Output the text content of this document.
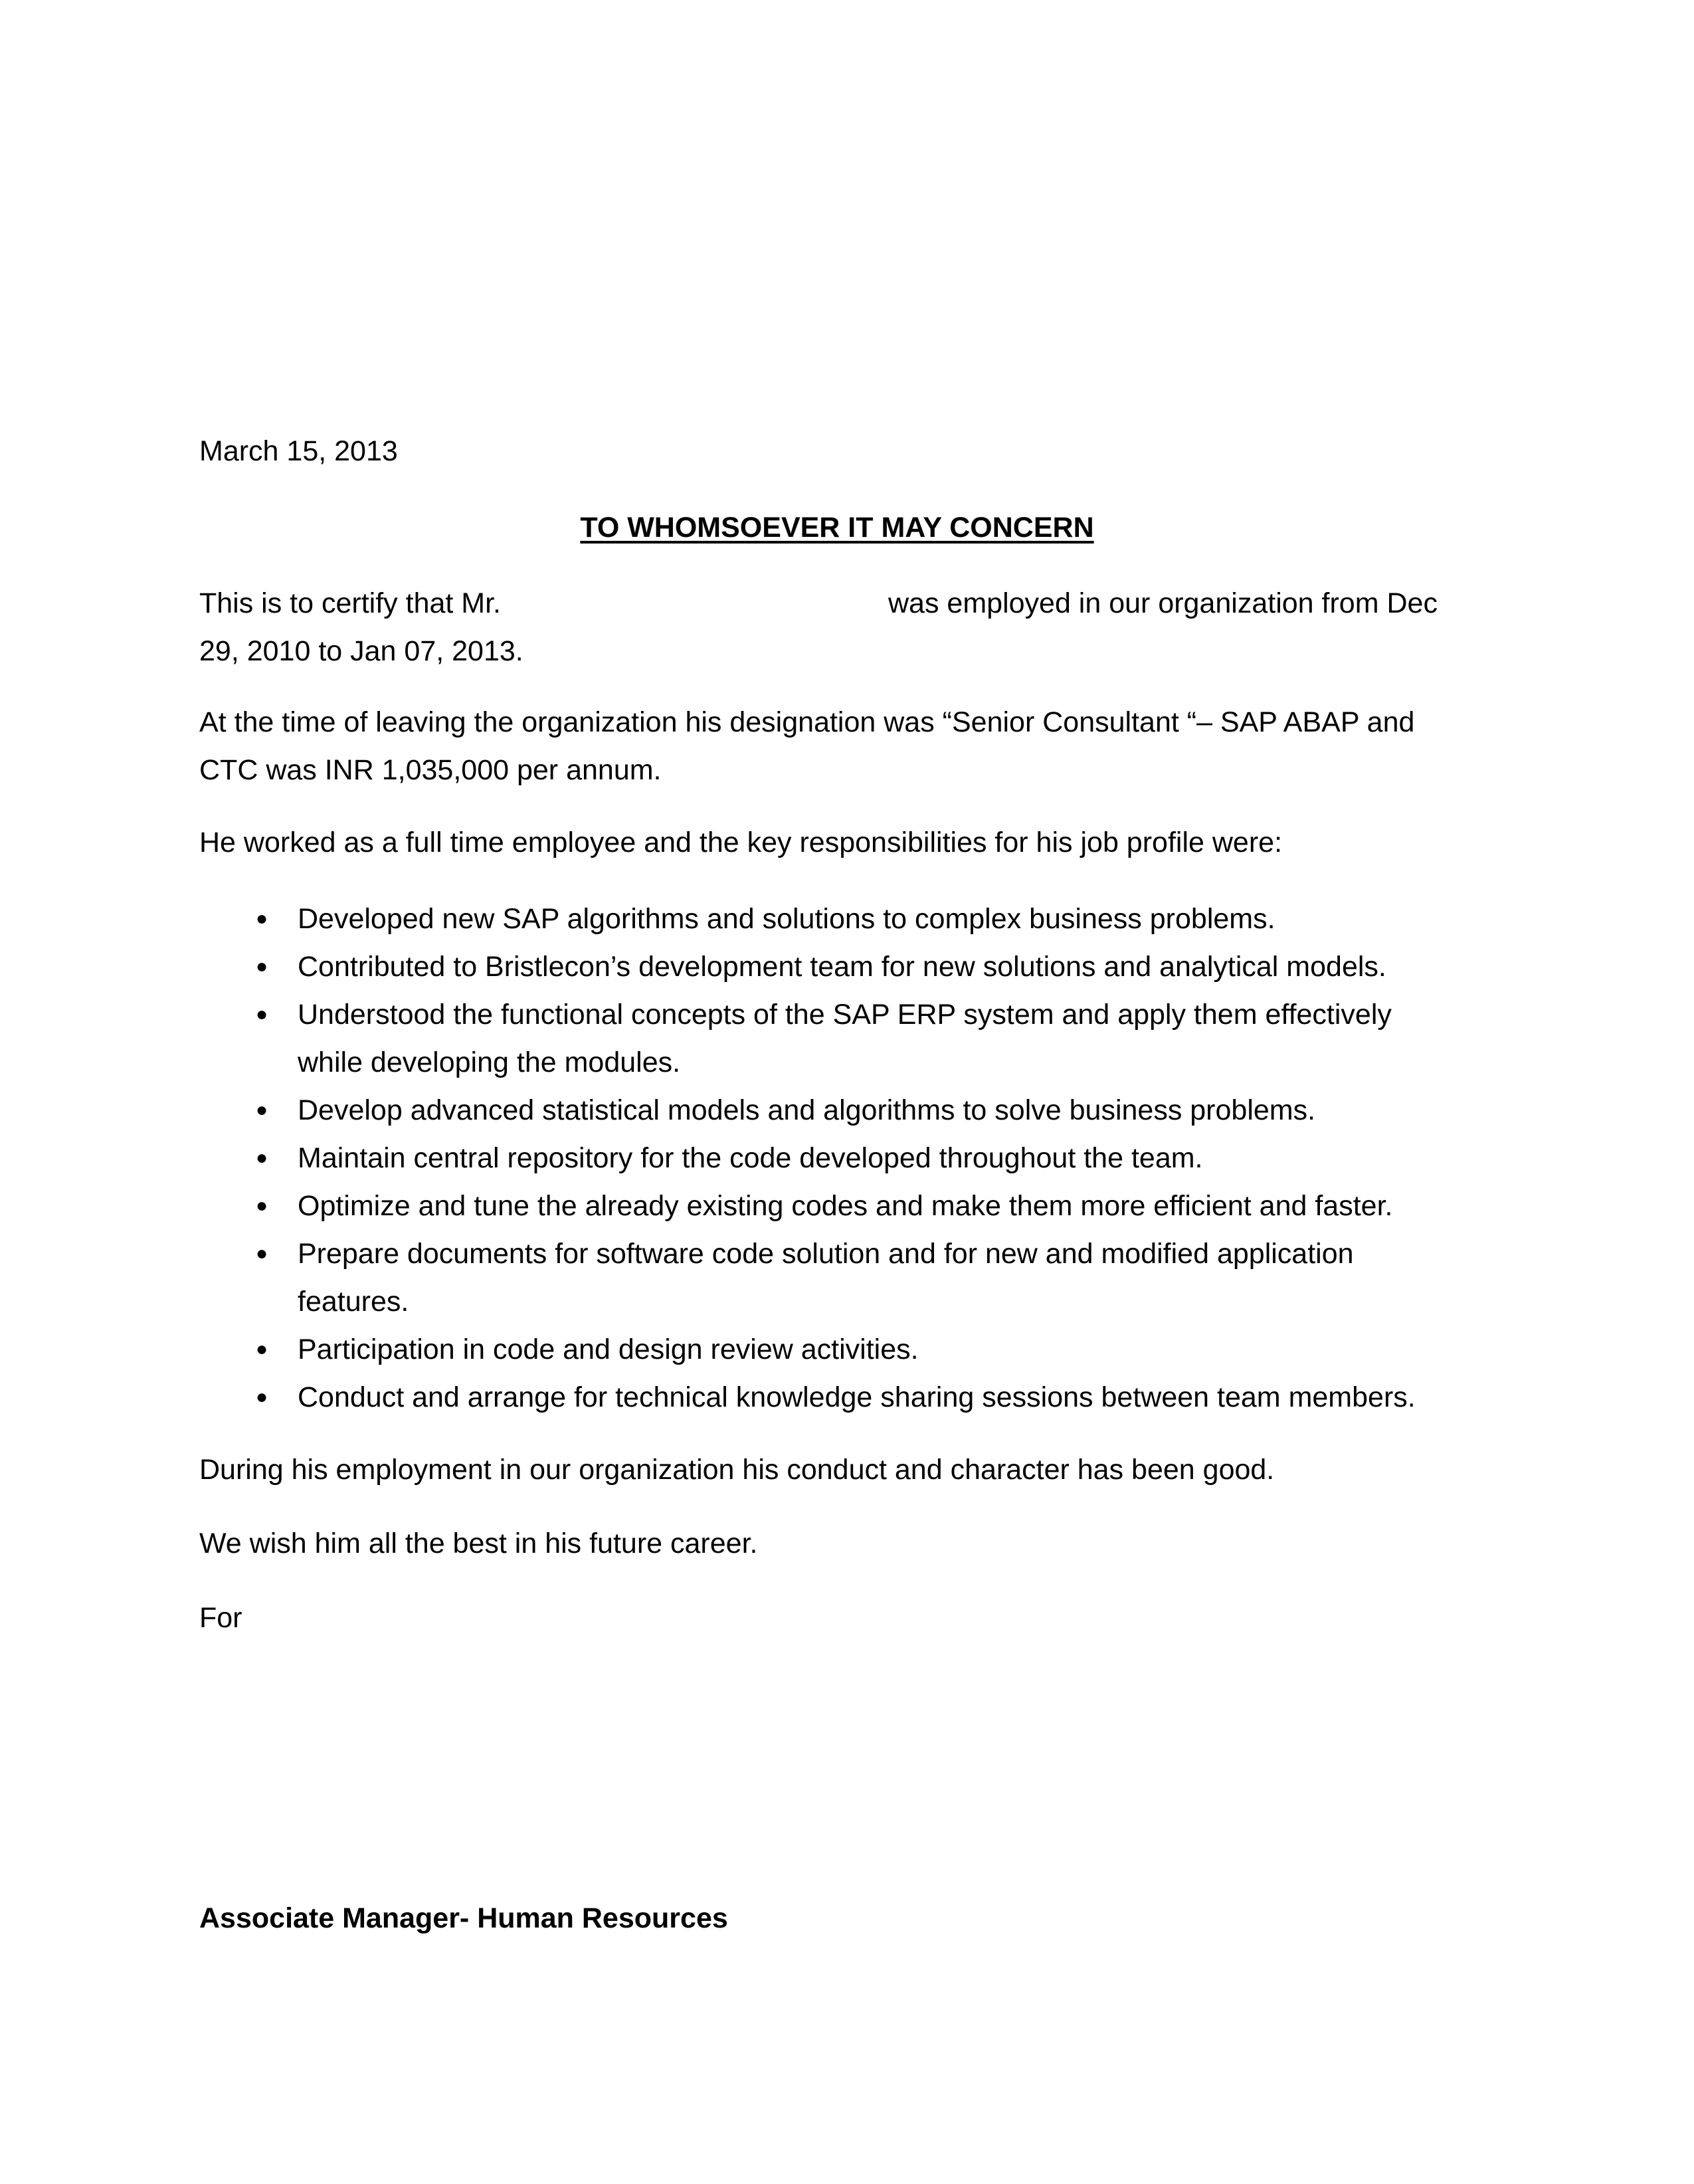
March 15, 2013
TO WHOMSOEVER IT MAY CONCERN
This is to certify that Mr.	was employed in our organization from Dec
29, 2010 to Jan 07, 2013.
At the time of leaving the organization his designation was “Senior Consultant “– SAP ABAP and
CTC was INR 1,035,000 per annum.
He worked as a full time employee and the key responsibilities for his job profile were:
● Developed new SAP algorithms and solutions to complex business problems.
● Contributed to Bristlecon’s development team for new solutions and analytical models.
● Understood the functional concepts of the SAP ERP system and apply them effectively
while developing the modules.
● Develop advanced statistical models and algorithms to solve business problems.
● Maintain central repository for the code developed throughout the team.
● Optimize and tune the already existing codes and make them more efficient and faster.
● Prepare documents for software code solution and for new and modified application
features.
● Participation in code and design review activities.
● Conduct and arrange for technical knowledge sharing sessions between team members.
During his employment in our organization his conduct and character has been good.
We wish him all the best in his future career.
For
Associate Manager- Human Resources
